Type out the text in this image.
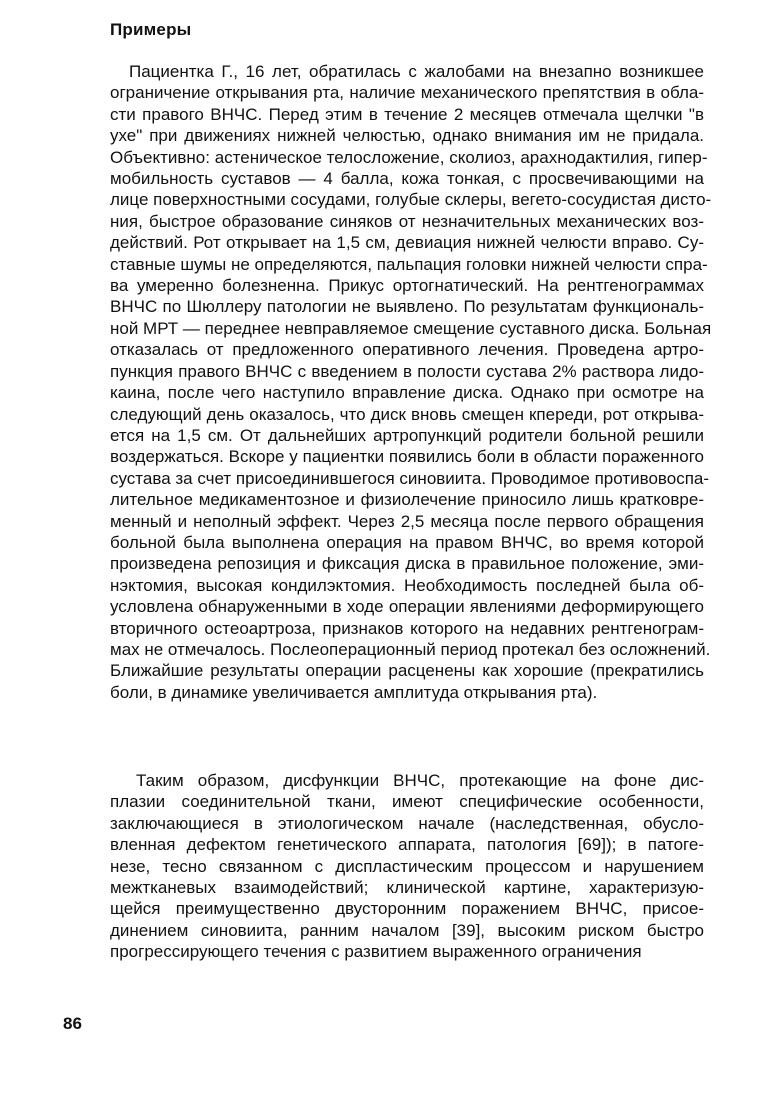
Примеры
Пациентка Г., 16 лет, обратилась с жалобами на внезапно возникшее
ограничение открывания рта, наличие механического препятствия в обла-
сти правого ВНЧС. Перед этим в течение 2 месяцев отмечала щелчки "в
ухе" при движениях нижней челюстью, однако внимания им не придала.
Объективно: астеническое телосложение, сколиоз, арахнодактилия, гипер-
мобильность суставов — 4 балла, кожа тонкая, с просвечивающими на
лице поверхностными сосудами, голубые склеры, вегето-сосудистая дисто-
ния, быстрое образование синяков от незначительных механических воз-
действий. Рот открывает на 1,5 см, девиация нижней челюсти вправо. Су-
ставные шумы не определяются, пальпация головки нижней челюсти спра-
ва умеренно болезненна. Прикус ортогнатический. На рентгенограммах
ВНЧС по Шюллеру патологии не выявлено. По результатам функциональ-
ной МРТ — переднее невправляемое смещение суставного диска. Больная
отказалась от предложенного оперативного лечения. Проведена артро-
пункция правого ВНЧС с введением в полости сустава 2% раствора лидо-
каина, после чего наступило вправление диска. Однако при осмотре на
следующий день оказалось, что диск вновь смещен кпереди, рот открыва-
ется на 1,5 см. От дальнейших артропункций родители больной решили
воздержаться. Вскоре у пациентки появились боли в области пораженного
сустава за счет присоединившегося синовиита. Проводимое противовоспа-
лительное медикаментозное и физиолечение приносило лишь кратковре-
менный и неполный эффект. Через 2,5 месяца после первого обращения
больной была выполнена операция на правом ВНЧС, во время которой
произведена репозиция и фиксация диска в правильное положение, эми-
нэктомия, высокая кондилэктомия. Необходимость последней была об-
условлена обнаруженными в ходе операции явлениями деформирующего
вторичного остеоартроза, признаков которого на недавних рентгенограм-
мах не отмечалось. Послеоперационный период протекал без осложнений.
Ближайшие результаты операции расценены как хорошие (прекратились
боли, в динамике увеличивается амплитуда открывания рта).
Таким образом, дисфункции ВНЧС, протекающие на фоне дис-
плазии соединительной ткани, имеют специфические особенности,
заключающиеся в этиологическом начале (наследственная, обусло-
вленная дефектом генетического аппарата, патология [69]); в патоге-
незе, тесно связанном с диспластическим процессом и нарушением
межтканевых взаимодействий; клинической картине, характеризую-
щейся преимущественно двусторонним поражением ВНЧС, присое-
динением синовиита, ранним началом [39], высоким риском быстро
прогрессирующего течения с развитием выраженного ограничения
86
